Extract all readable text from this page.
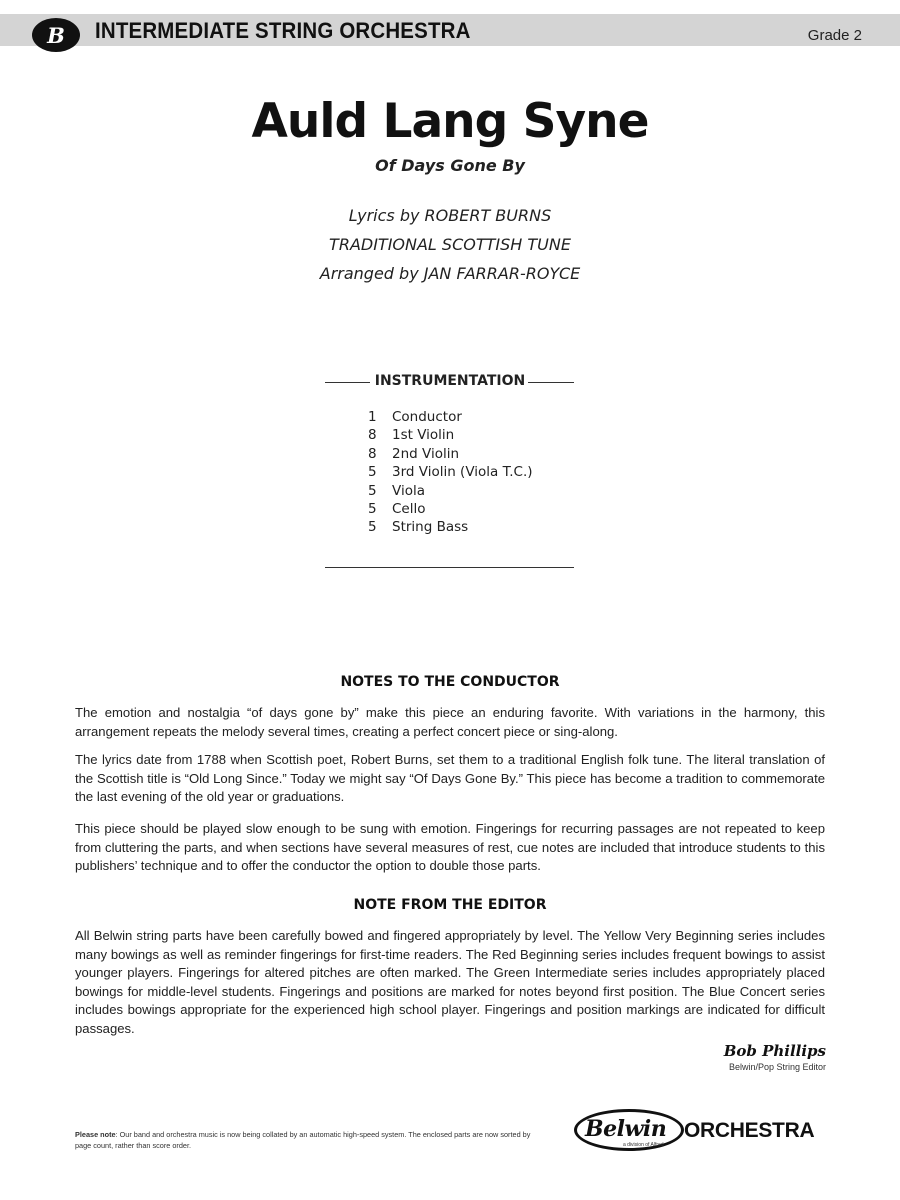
B	INTERMEDIATE STRING ORCHESTRA	Grade 2
Auld Lang Syne
Of Days Gone By
Lyrics by ROBERT BURNS
TRADITIONAL SCOTTISH TUNE
Arranged by JAN FARRAR-ROYCE
INSTRUMENTATION
1 Conductor
8 1st Violin
8 2nd Violin
5 3rd Violin (Viola T.C.)
5 Viola
5 Cello
5 String Bass
NOTES TO THE CONDUCTOR

The emotion and nostalgia “of days gone by” make this piece an enduring favorite. With variations in the harmony, this arrangement repeats the melody several times, creating a perfect concert piece or sing-along.

The lyrics date from 1788 when Scottish poet, Robert Burns, set them to a traditional English folk tune. The literal translation of the Scottish title is “Old Long Since.” Today we might say “Of Days Gone By.” This piece has become a tradition to commemorate the last evening of the old year or graduations.

This piece should be played slow enough to be sung with emotion. Fingerings for recurring passages are not repeated to keep from cluttering the parts, and when sections have several measures of rest, cue notes are included that introduce students to this publishers’ technique and to offer the conductor the option to double those parts.

NOTE FROM THE EDITOR

All Belwin string parts have been carefully bowed and fingered appropriately by level. The Yellow Very Beginning series includes many bowings as well as reminder fingerings for first-time readers. The Red Beginning series includes frequent bowings to assist younger players. Fingerings for altered pitches are often marked. The Green Intermediate series includes appropriately placed bowings for middle-level students. Fingerings and positions are marked for notes beyond first position. The Blue Concert series includes bowings appropriate for the experienced high school player. Fingerings and position markings are indicated for difficult passages.

Bob Phillips
Belwin/Pop String Editor
Please note: Our band and orchestra music is now being collated by an automatic high-speed system. The enclosed parts are now sorted by page count, rather than score order.
Belwin
a division of Alfred
ORCHESTRA
